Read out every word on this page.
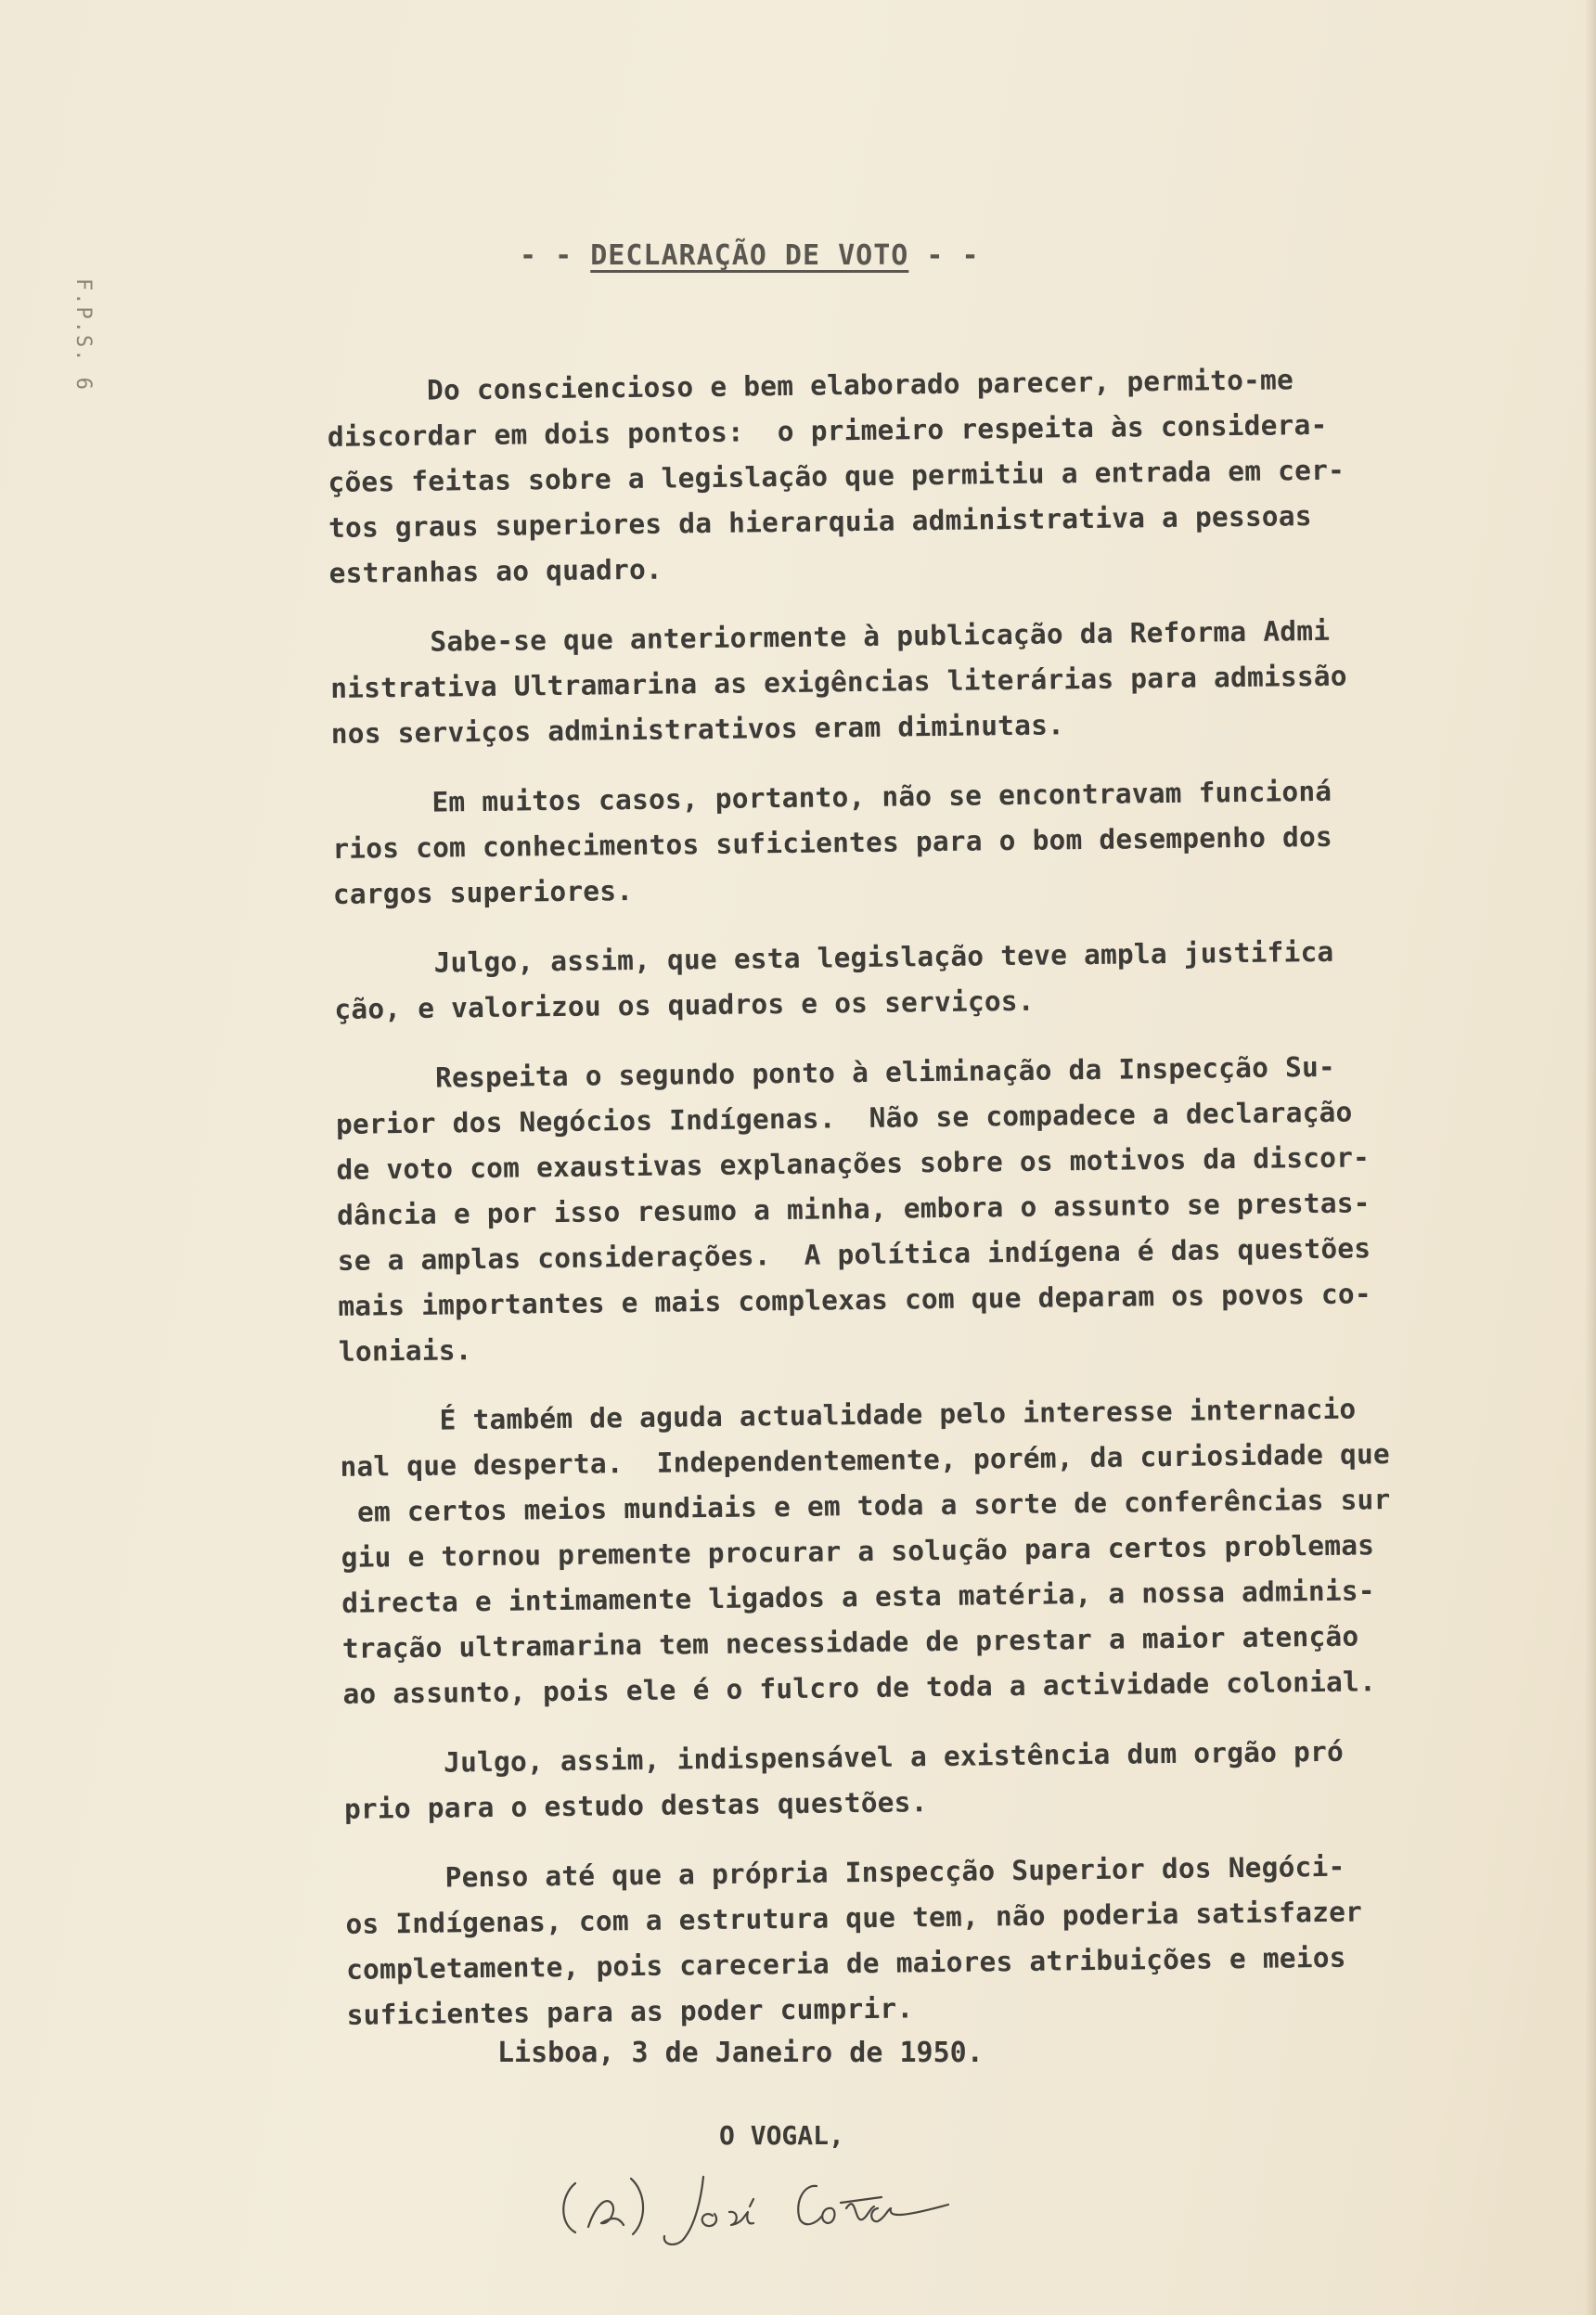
F.P.S. 6
- - DECLARAÇÃO DE VOTO - -
Do consciencioso e bem elaborado parecer, permito-me
discordar em dois pontos:  o primeiro respeita às considera-
ções feitas sobre a legislação que permitiu a entrada em cer-
tos graus superiores da hierarquia administrativa a pessoas
estranhas ao quadro.
Sabe-se que anteriormente à publicação da Reforma Admi
nistrativa Ultramarina as exigências literárias para admissão
nos serviços administrativos eram diminutas.
Em muitos casos, portanto, não se encontravam funcioná
rios com conhecimentos suficientes para o bom desempenho dos
cargos superiores.
Julgo, assim, que esta legislação teve ampla justifica
ção, e valorizou os quadros e os serviços.
Respeita o segundo ponto à eliminação da Inspecção Su-
perior dos Negócios Indígenas.  Não se compadece a declaração
de voto com exaustivas explanações sobre os motivos da discor-
dância e por isso resumo a minha, embora o assunto se prestas-
se a amplas considerações.  A política indígena é das questões
mais importantes e mais complexas com que deparam os povos co-
loniais.
É também de aguda actualidade pelo interesse internacio
nal que desperta.  Independentemente, porém, da curiosidade que
em certos meios mundiais e em toda a sorte de conferências sur
giu e tornou premente procurar a solução para certos problemas
directa e intimamente ligados a esta matéria, a nossa adminis-
tração ultramarina tem necessidade de prestar a maior atenção
ao assunto, pois ele é o fulcro de toda a actividade colonial.
Julgo, assim, indispensável a existência dum orgão pró
prio para o estudo destas questões.
Penso até que a própria Inspecção Superior dos Negóci-
os Indígenas, com a estrutura que tem, não poderia satisfazer
completamente, pois careceria de maiores atribuições e meios
suficientes para as poder cumprir.
Lisboa, 3 de Janeiro de 1950.
O VOGAL,
